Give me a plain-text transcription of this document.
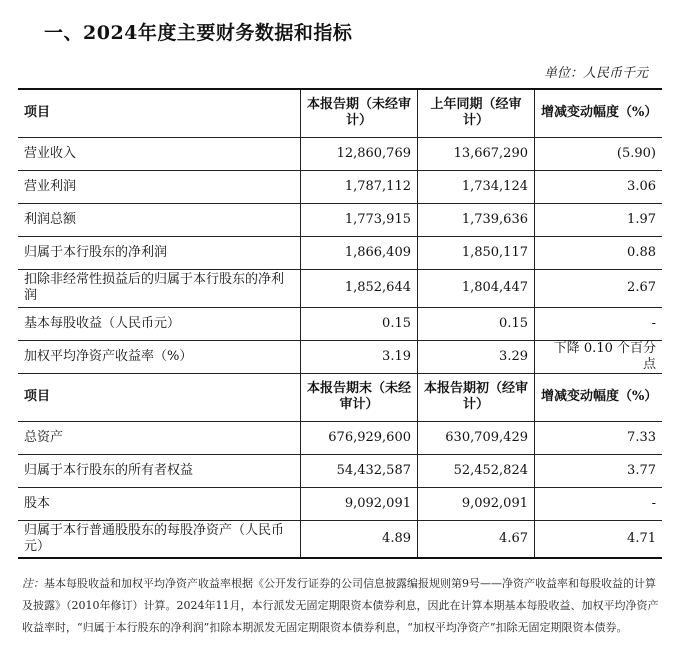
一、2024年度主要财务数据和指标
单位：人民币千元
项目	本报告期（未经审计）	上年同期（经审计）	增减变动幅度（%）
营业收入	12,860,769	13,667,290	(5.90)
营业利润	1,787,112	1,734,124	3.06
利润总额	1,773,915	1,739,636	1.97
归属于本行股东的净利润	1,866,409	1,850,117	0.88
扣除非经常性损益后的归属于本行股东的净利润	1,852,644	1,804,447	2.67
基本每股收益（人民币元）	0.15	0.15	-
加权平均净资产收益率（%）	3.19	3.29	下降 0.10 个百分点
项目	本报告期末（未经审计）	本报告期初（经审计）	增减变动幅度（%）
总资产	676,929,600	630,709,429	7.33
归属于本行股东的所有者权益	54,432,587	52,452,824	3.77
股本	9,092,091	9,092,091	-
归属于本行普通股股东的每股净资产（人民币元）	4.89	4.67	4.71
注：基本每股收益和加权平均净资产收益率根据《公开发行证券的公司信息披露编报规则第9号——净资产收益率和每股收益的计算及披露》（2010年修订）计算。2024年11月，本行派发无固定期限资本债券利息，因此在计算本期基本每股收益、加权平均净资产收益率时，“归属于本行股东的净利润”扣除本期派发无固定期限资本债券利息，“加权平均净资产”扣除无固定期限资本债券。
